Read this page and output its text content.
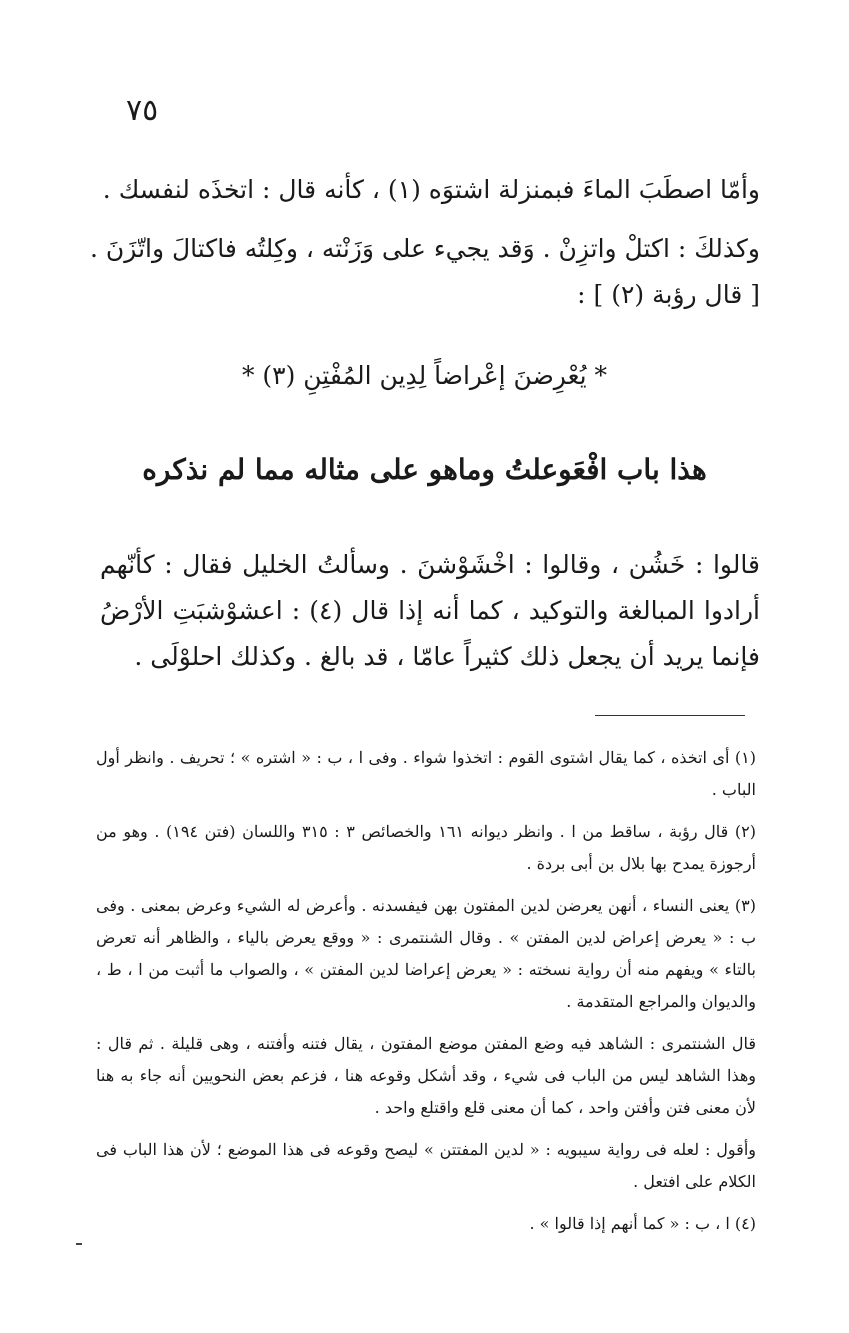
٧٥
وأمّا اصطَبَ الماءَ فبمنزلة اشتوَه (١) ، كأنه قال : اتخذَه لنفسك .
وكذلكَ : اكتلْ واتزِنْ . وَقد يجيء على وَزَنْته ، وكِلتُه فاكتالَ واتّزَنَ .
[ قال رؤبة (٢) ] :
* يُعْرِضنَ إعْراضاً لِدِين المُفْتِنِ (٣) *
هذا باب افْعَوعلتُ وماهو على مثاله مما لم نذكره
قالوا : خَشُن ، وقالوا : اخْشَوْشنَ . وسألتُ الخليل فقال : كأنّهم أرادوا المبالغة والتوكيد ، كما أنه إذا قال (٤) : اعشوْشبَتِ الأرْضُ فإنما يريد أن يجعل ذلك كثيراً عامّا ، قد بالغ . وكذلك احلوْلَى .

(١) أى اتخذه ، كما يقال اشتوى القوم : اتخذوا شواء . وفى ا ، ب : « اشتره » ؛ تحريف . وانظر أول الباب .

(٢) قال رؤبة ، ساقط من ا . وانظر ديوانه ١٦١ والخصائص ٣ : ٣١٥ واللسان (فتن ١٩٤) . وهو من أرجوزة يمدح بها بلال بن أبى بردة .

(٣) يعنى النساء ، أنهن يعرضن لدين المفتون بهن فيفسدنه . وأعرض له الشيء وعرض بمعنى . وفى ب : « يعرض إعراض لدين المفتن » . وقال الشنتمرى : « ووقع يعرض بالياء ، والظاهر أنه تعرض بالتاء » ويفهم منه أن رواية نسخته : « يعرض إعراضا لدين المفتن » ، والصواب ما أثبت من ا ، ط ، والديوان والمراجع المتقدمة .

قال الشنتمرى : الشاهد فيه وضع المفتن موضع المفتون ، يقال فتنه وأفتنه ، وهى قليلة . ثم قال : وهذا الشاهد ليس من الباب فى شيء ، وقد أشكل وقوعه هنا ، فزعم بعض النحويين أنه جاء به هنا لأن معنى فتن وأفتن واحد ، كما أن معنى قلع واقتلع واحد .

وأقول : لعله فى رواية سيبويه : « لدين المفتتن » ليصح وقوعه فى هذا الموضع ؛ لأن هذا الباب فى الكلام على افتعل .

(٤) ا ، ب : « كما أنهم إذا قالوا » .
